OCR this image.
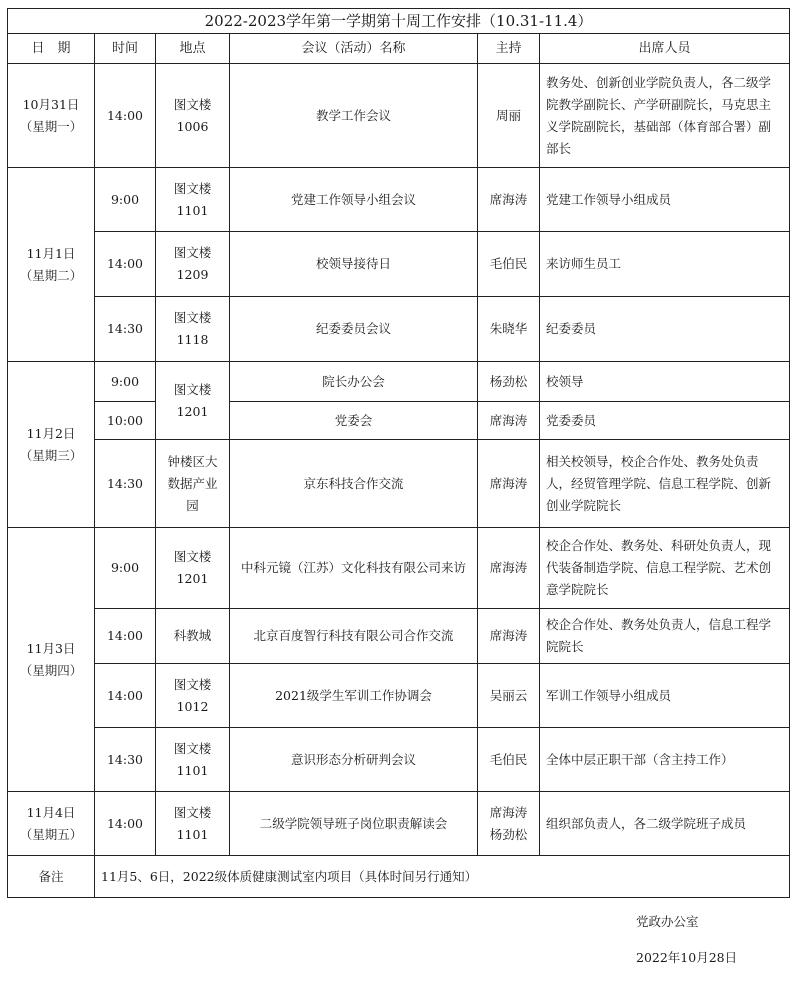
2022-2023学年第一学期第十周工作安排（10.31-11.4）					
日　期	时间	地点	会议（活动）名称	主持	出席人员

10月31日
（星期一）	14:00	图文楼 1006	教学工作会议	周丽	教务处、创新创业学院负责人，各二级学院教学副院长、产学研副院长，马克思主义学院副院长，基础部（体育部合署）副部长

11月1日
（星期二）	9:00	图文楼 1101	党建工作领导小组会议	席海涛	党建工作领导小组成员
	14:00	图文楼 1209	校领导接待日	毛伯民	来访师生员工
	14:30	图文楼 1118	纪委委员会议	朱晓华	纪委委员

11月2日
（星期三）	9:00	图文楼 1201	院长办公会	杨劲松	校领导
	10:00		党委会	席海涛	党委委员
	14:30	钟楼区大数据产业园	京东科技合作交流	席海涛	相关校领导，校企合作处、教务处负责人，经贸管理学院、信息工程学院、创新创业学院院长

11月3日
（星期四）	9:00	图文楼 1201	中科元镜（江苏）文化科技有限公司来访	席海涛	校企合作处、教务处、科研处负责人，现代装备制造学院、信息工程学院、艺术创意学院院长
	14:00	科教城	北京百度智行科技有限公司合作交流	席海涛	校企合作处、教务处负责人，信息工程学院院长
	14:00	图文楼 1012	2021级学生军训工作协调会	吴丽云	军训工作领导小组成员
	14:30	图文楼 1101	意识形态分析研判会议	毛伯民	全体中层正职干部（含主持工作）

11月4日
（星期五）	14:00	图文楼 1101	二级学院领导班子岗位职责解读会	席海涛 杨劲松	组织部负责人，各二级学院班子成员
备注	11月5、6日，2022级体质健康测试室内项目（具体时间另行通知）				
党政办公室
2022年10月28日
